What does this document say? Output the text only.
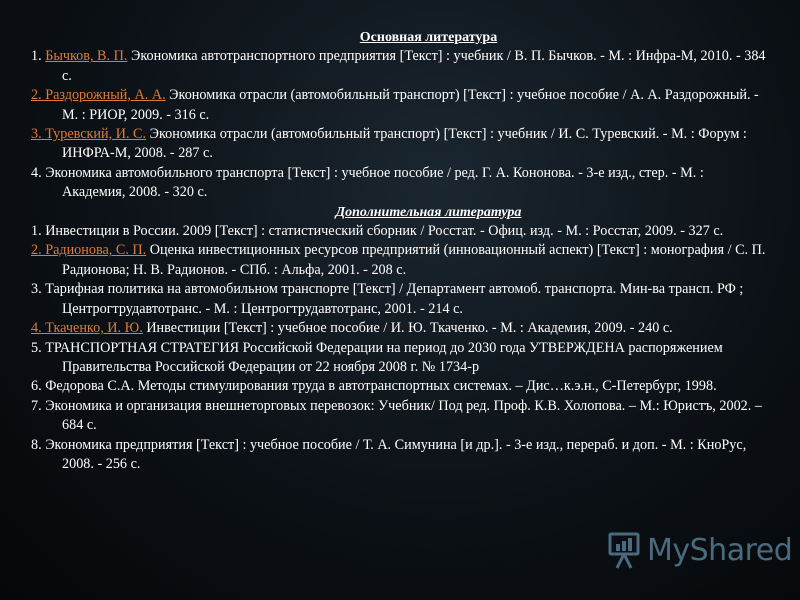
Основная литература

1. Бычков, В. П. Экономика автотранспортного предприятия [Текст] : учебник / В. П. Бычков. - М. : Инфра-М, 2010. - 384 с.

2. Раздорожный, А. А. Экономика отрасли (автомобильный транспорт) [Текст] : учебное пособие / А. А. Раздорожный. - М. : РИОР, 2009. - 316 с.

3. Туревский, И. С. Экономика отрасли (автомобильный транспорт) [Текст] : учебник / И. С. Туревский. - М. : Форум : ИНФРА-М, 2008. - 287 с.

4. Экономика автомобильного транспорта [Текст] : учебное пособие / ред. Г. А. Кононова. - 3-е изд., стер. - М. : Академия, 2008. - 320 с.

Дополнительная литература

1. Инвестиции в России. 2009 [Текст] : статистический сборник / Росстат. - Офиц. изд. - М. : Росстат, 2009. - 327 с.

2. Радионова, С. П. Оценка инвестиционных ресурсов предприятий (инновационный аспект) [Текст] : монография / С. П. Радионова; Н. В. Радионов. - СПб. : Альфа, 2001. - 208 с.

3. Тарифная политика на автомобильном транспорте [Текст] / Департамент автомоб. транспорта. Мин-ва трансп. РФ ; Центрогтрудавтотранс. - М. : Центрогтрудавтотранс, 2001. - 214 с.

4. Ткаченко, И. Ю. Инвестиции [Текст] : учебное пособие / И. Ю. Ткаченко. - М. : Академия, 2009. - 240 с.

5. ТРАНСПОРТНАЯ СТРАТЕГИЯ Российской Федерации на период до 2030 года УТВЕРЖДЕНА распоряжением Правительства Российской Федерации от 22 ноября 2008 г. № 1734-р

6. Федорова С.А. Методы стимулирования труда в автотранспортных системах. – Дис…к.э.н., С-Петербург, 1998.

7. Экономика и организация внешнеторговых перевозок: Учебник/ Под ред. Проф. К.В. Холопова. – М.: Юристъ, 2002. – 684 с.

8. Экономика предприятия [Текст] : учебное пособие / Т. А. Симунина [и др.]. - 3-е изд., перераб. и доп. - М. : КноРус, 2008. - 256 с.

MyShared
